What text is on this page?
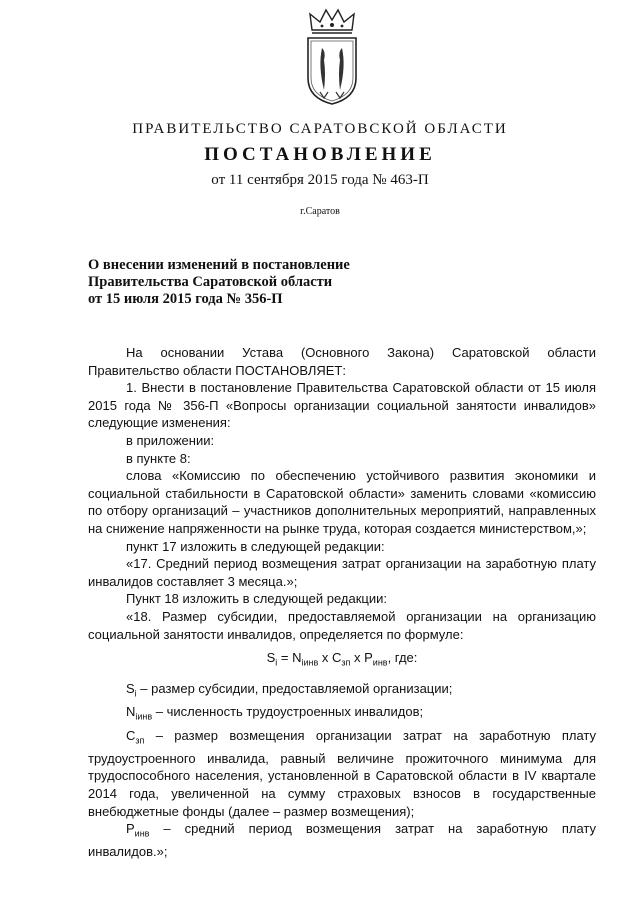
ПРАВИТЕЛЬСТВО САРАТОВСКОЙ ОБЛАСТИ
ПОСТАНОВЛЕНИЕ
от 11 сентября 2015 года № 463-П
г.Саратов
О внесении изменений в постановление
Правительства Саратовской области
от 15 июля 2015 года № 356-П
На основании Устава (Основного Закона) Саратовской области Правительство области ПОСТАНОВЛЯЕТ:
1. Внести в постановление Правительства Саратовской области от 15 июля 2015 года № 356-П «Вопросы организации социальной занятости инвалидов» следующие изменения:
в приложении:
в пункте 8:
слова «Комиссию по обеспечению устойчивого развития экономики и социальной стабильности в Саратовской области» заменить словами «комиссию по отбору организаций – участников дополнительных мероприятий, направленных на снижение напряженности на рынке труда, которая создается министерством,»;
пункт 17 изложить в следующей редакции:
«17. Средний период возмещения затрат организации на заработную плату инвалидов составляет 3 месяца.»;
Пункт 18 изложить в следующей редакции:
«18. Размер субсидии, предоставляемой организации на организацию социальной занятости инвалидов, определяется по формуле:
$S_i = N_{iинв}$ x $C_{зп}$ x $P_{инв}$, где:
$S_i$ – размер субсидии, предоставляемой организации;
$N_{iинв}$ – численность трудоустроенных инвалидов;
$C_{зп}$ – размер возмещения организации затрат на заработную плату трудоустроенного инвалида, равный величине прожиточного минимума для трудоспособного населения, установленной в Саратовской области в IV квартале 2014 года, увеличенной на сумму страховых взносов в государственные внебюджетные фонды (далее – размер возмещения);
$P_{инв}$ – средний период возмещения затрат на заработную плату инвалидов.»;
